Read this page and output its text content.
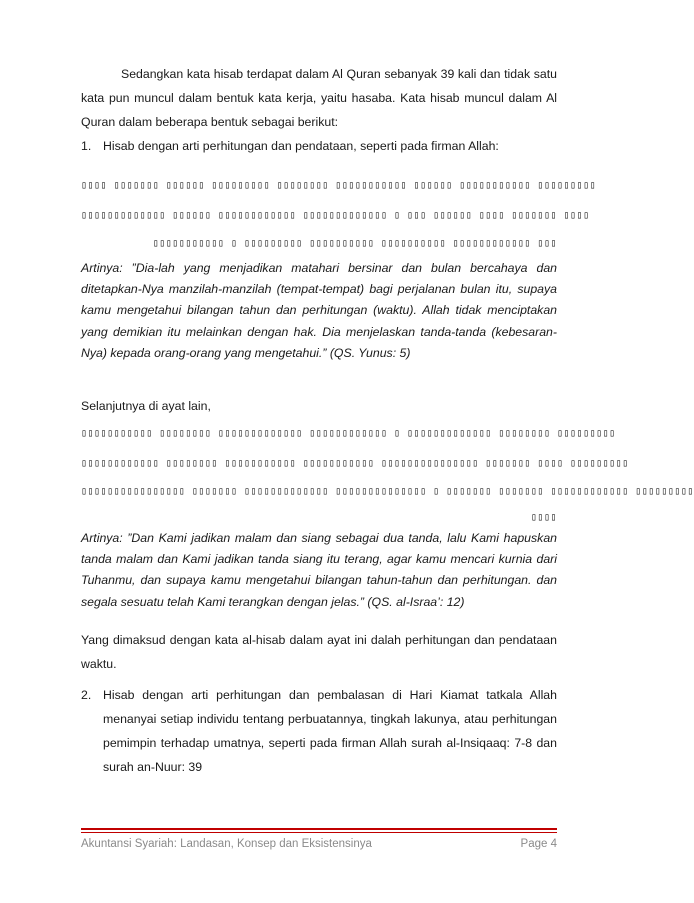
Sedangkan kata hisab terdapat dalam Al Quran sebanyak 39 kali dan tidak satu kata pun muncul dalam bentuk kata kerja, yaitu hasaba. Kata hisab muncul dalam Al Quran dalam beberapa bentuk sebagai berikut:

1. Hisab dengan arti perhitungan dan pendataan, seperti pada firman Allah:

▯▯▯▯ ▯▯▯▯▯▯▯ ▯▯▯▯▯▯ ▯▯▯▯▯▯▯▯▯ ▯▯▯▯▯▯▯▯ ▯▯▯▯▯▯▯▯▯▯▯ ▯▯▯▯▯▯ ▯▯▯▯▯▯▯▯▯▯▯ ▯▯▯▯▯▯▯▯▯

▯▯▯▯▯▯▯▯▯▯▯▯▯ ▯▯▯▯▯▯ ▯▯▯▯▯▯▯▯▯▯▯▯ ▯▯▯▯▯▯▯▯▯▯▯▯▯ ▯ ▯▯▯ ▯▯▯▯▯▯ ▯▯▯▯ ▯▯▯▯▯▯▯ ▯▯▯▯

▯▯▯▯▯▯▯▯▯▯▯ ▯ ▯▯▯▯▯▯▯▯▯ ▯▯▯▯▯▯▯▯▯▯ ▯▯▯▯▯▯▯▯▯▯ ▯▯▯▯▯▯▯▯▯▯▯▯ ▯▯▯

Artinya: ”Dia-lah yang menjadikan matahari bersinar dan bulan bercahaya dan ditetapkan-Nya manzilah-manzilah (tempat-tempat) bagi perjalanan bulan itu, supaya kamu mengetahui bilangan tahun dan perhitungan (waktu). Allah tidak menciptakan yang demikian itu melainkan dengan hak. Dia menjelaskan tanda-tanda (kebesaran-Nya) kepada orang-orang yang mengetahui.” (QS. Yunus: 5)

Selanjutnya di ayat lain,

▯▯▯▯▯▯▯▯▯▯▯ ▯▯▯▯▯▯▯▯ ▯▯▯▯▯▯▯▯▯▯▯▯▯ ▯▯▯▯▯▯▯▯▯▯▯▯ ▯ ▯▯▯▯▯▯▯▯▯▯▯▯▯ ▯▯▯▯▯▯▯▯ ▯▯▯▯▯▯▯▯▯

▯▯▯▯▯▯▯▯▯▯▯▯ ▯▯▯▯▯▯▯▯ ▯▯▯▯▯▯▯▯▯▯▯ ▯▯▯▯▯▯▯▯▯▯▯ ▯▯▯▯▯▯▯▯▯▯▯▯▯▯▯ ▯▯▯▯▯▯▯ ▯▯▯▯ ▯▯▯▯▯▯▯▯▯

▯▯▯▯▯▯▯▯▯▯▯▯▯▯▯▯ ▯▯▯▯▯▯▯ ▯▯▯▯▯▯▯▯▯▯▯▯▯ ▯▯▯▯▯▯▯▯▯▯▯▯▯▯ ▯ ▯▯▯▯▯▯▯ ▯▯▯▯▯▯▯ ▯▯▯▯▯▯▯▯▯▯▯▯ ▯▯▯▯▯▯▯▯▯

▯▯▯▯

Artinya: ”Dan Kami jadikan malam dan siang sebagai dua tanda, lalu Kami hapuskan tanda malam dan Kami jadikan tanda siang itu terang, agar kamu mencari kurnia dari Tuhanmu, dan supaya kamu mengetahui bilangan tahun-tahun dan perhitungan. dan segala sesuatu telah Kami terangkan dengan jelas.” (QS. al-Israa’: 12)

Yang dimaksud dengan kata al-hisab dalam ayat ini dalah perhitungan dan pendataan waktu.

2. Hisab dengan arti perhitungan dan pembalasan di Hari Kiamat tatkala Allah menanyai setiap individu tentang perbuatannya, tingkah lakunya, atau perhitungan pemimpin terhadap umatnya, seperti pada firman Allah surah al-Insiqaaq: 7-8 dan surah an-Nuur: 39
Akuntansi Syariah: Landasan, Konsep dan Eksistensinya	Page 4
